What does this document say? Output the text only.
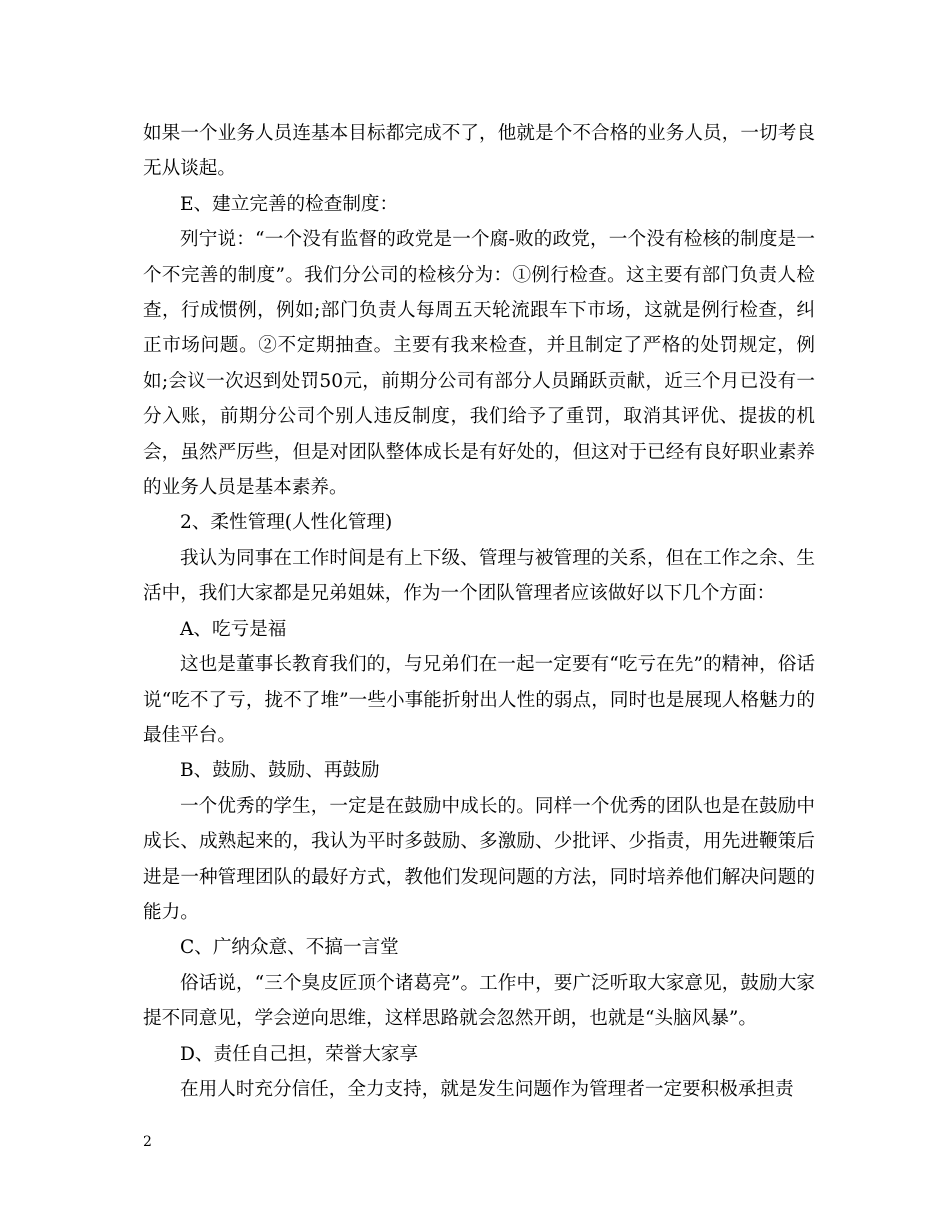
如果一个业务人员连基本目标都完成不了，他就是个不合格的业务人员，一切考良无从谈起。

E、建立完善的检查制度：

列宁说：“一个没有监督的政党是一个腐-败的政党，一个没有检核的制度是一个不完善的制度”。我们分公司的检核分为：①例行检查。这主要有部门负责人检查，行成惯例，例如;部门负责人每周五天轮流跟车下市场，这就是例行检查，纠正市场问题。②不定期抽查。主要有我来检查，并且制定了严格的处罚规定，例如;会议一次迟到处罚50元，前期分公司有部分人员踊跃贡献，近三个月已没有一分入账，前期分公司个别人违反制度，我们给予了重罚，取消其评优、提拔的机会，虽然严厉些，但是对团队整体成长是有好处的，但这对于已经有良好职业素养的业务人员是基本素养。

2、柔性管理(人性化管理)

我认为同事在工作时间是有上下级、管理与被管理的关系，但在工作之余、生活中，我们大家都是兄弟姐妹，作为一个团队管理者应该做好以下几个方面：

A、吃亏是福

这也是董事长教育我们的，与兄弟们在一起一定要有“吃亏在先”的精神，俗话说“吃不了亏，拢不了堆”一些小事能折射出人性的弱点，同时也是展现人格魅力的最佳平台。

B、鼓励、鼓励、再鼓励

一个优秀的学生，一定是在鼓励中成长的。同样一个优秀的团队也是在鼓励中成长、成熟起来的，我认为平时多鼓励、多激励、少批评、少指责，用先进鞭策后进是一种管理团队的最好方式，教他们发现问题的方法，同时培养他们解决问题的能力。

C、广纳众意、不搞一言堂

俗话说，“三个臭皮匠顶个诸葛亮”。工作中，要广泛听取大家意见，鼓励大家提不同意见，学会逆向思维，这样思路就会忽然开朗，也就是“头脑风暴”。

D、责任自己担，荣誉大家享

在用人时充分信任，全力支持，就是发生问题作为管理者一定要积极承担责

2
